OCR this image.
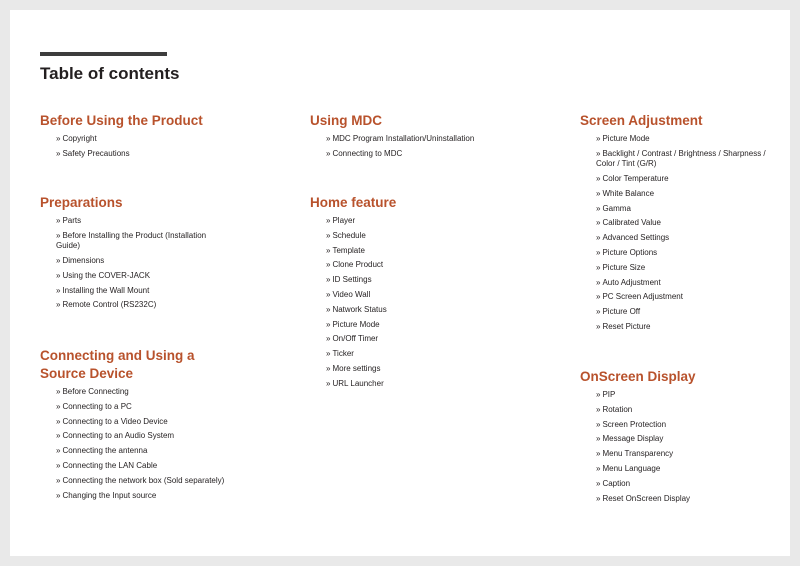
Table of contents
Before Using the Product
» Copyright
» Safety Precautions
Preparations
» Parts
» Before Installing the Product (Installation Guide)
» Dimensions
» Using the COVER-JACK
» Installing the Wall Mount
» Remote Control (RS232C)
Connecting and Using a Source Device
» Before Connecting
» Connecting to a PC
» Connecting to a Video Device
» Connecting to an Audio System
» Connecting the antenna
» Connecting the LAN Cable
» Connecting the network box (Sold separately)
» Changing the Input source
Using MDC
» MDC Program Installation/Uninstallation
» Connecting to MDC
Home feature
» Player
» Schedule
» Template
» Clone Product
» ID Settings
» Video Wall
» Natwork Status
» Picture Mode
» On/Off Timer
» Ticker
» More settings
» URL Launcher
Screen Adjustment
» Picture Mode
» Backlight / Contrast / Brightness / Sharpness / Color / Tint (G/R)
» Color Temperature
» White Balance
» Gamma
» Calibrated Value
» Advanced Settings
» Picture Options
» Picture Size
» Auto Adjustment
» PC Screen Adjustment
» Picture Off
» Reset Picture
OnScreen Display
» PIP
» Rotation
» Screen Protection
» Message Display
» Menu Transparency
» Menu Language
» Caption
» Reset OnScreen Display
